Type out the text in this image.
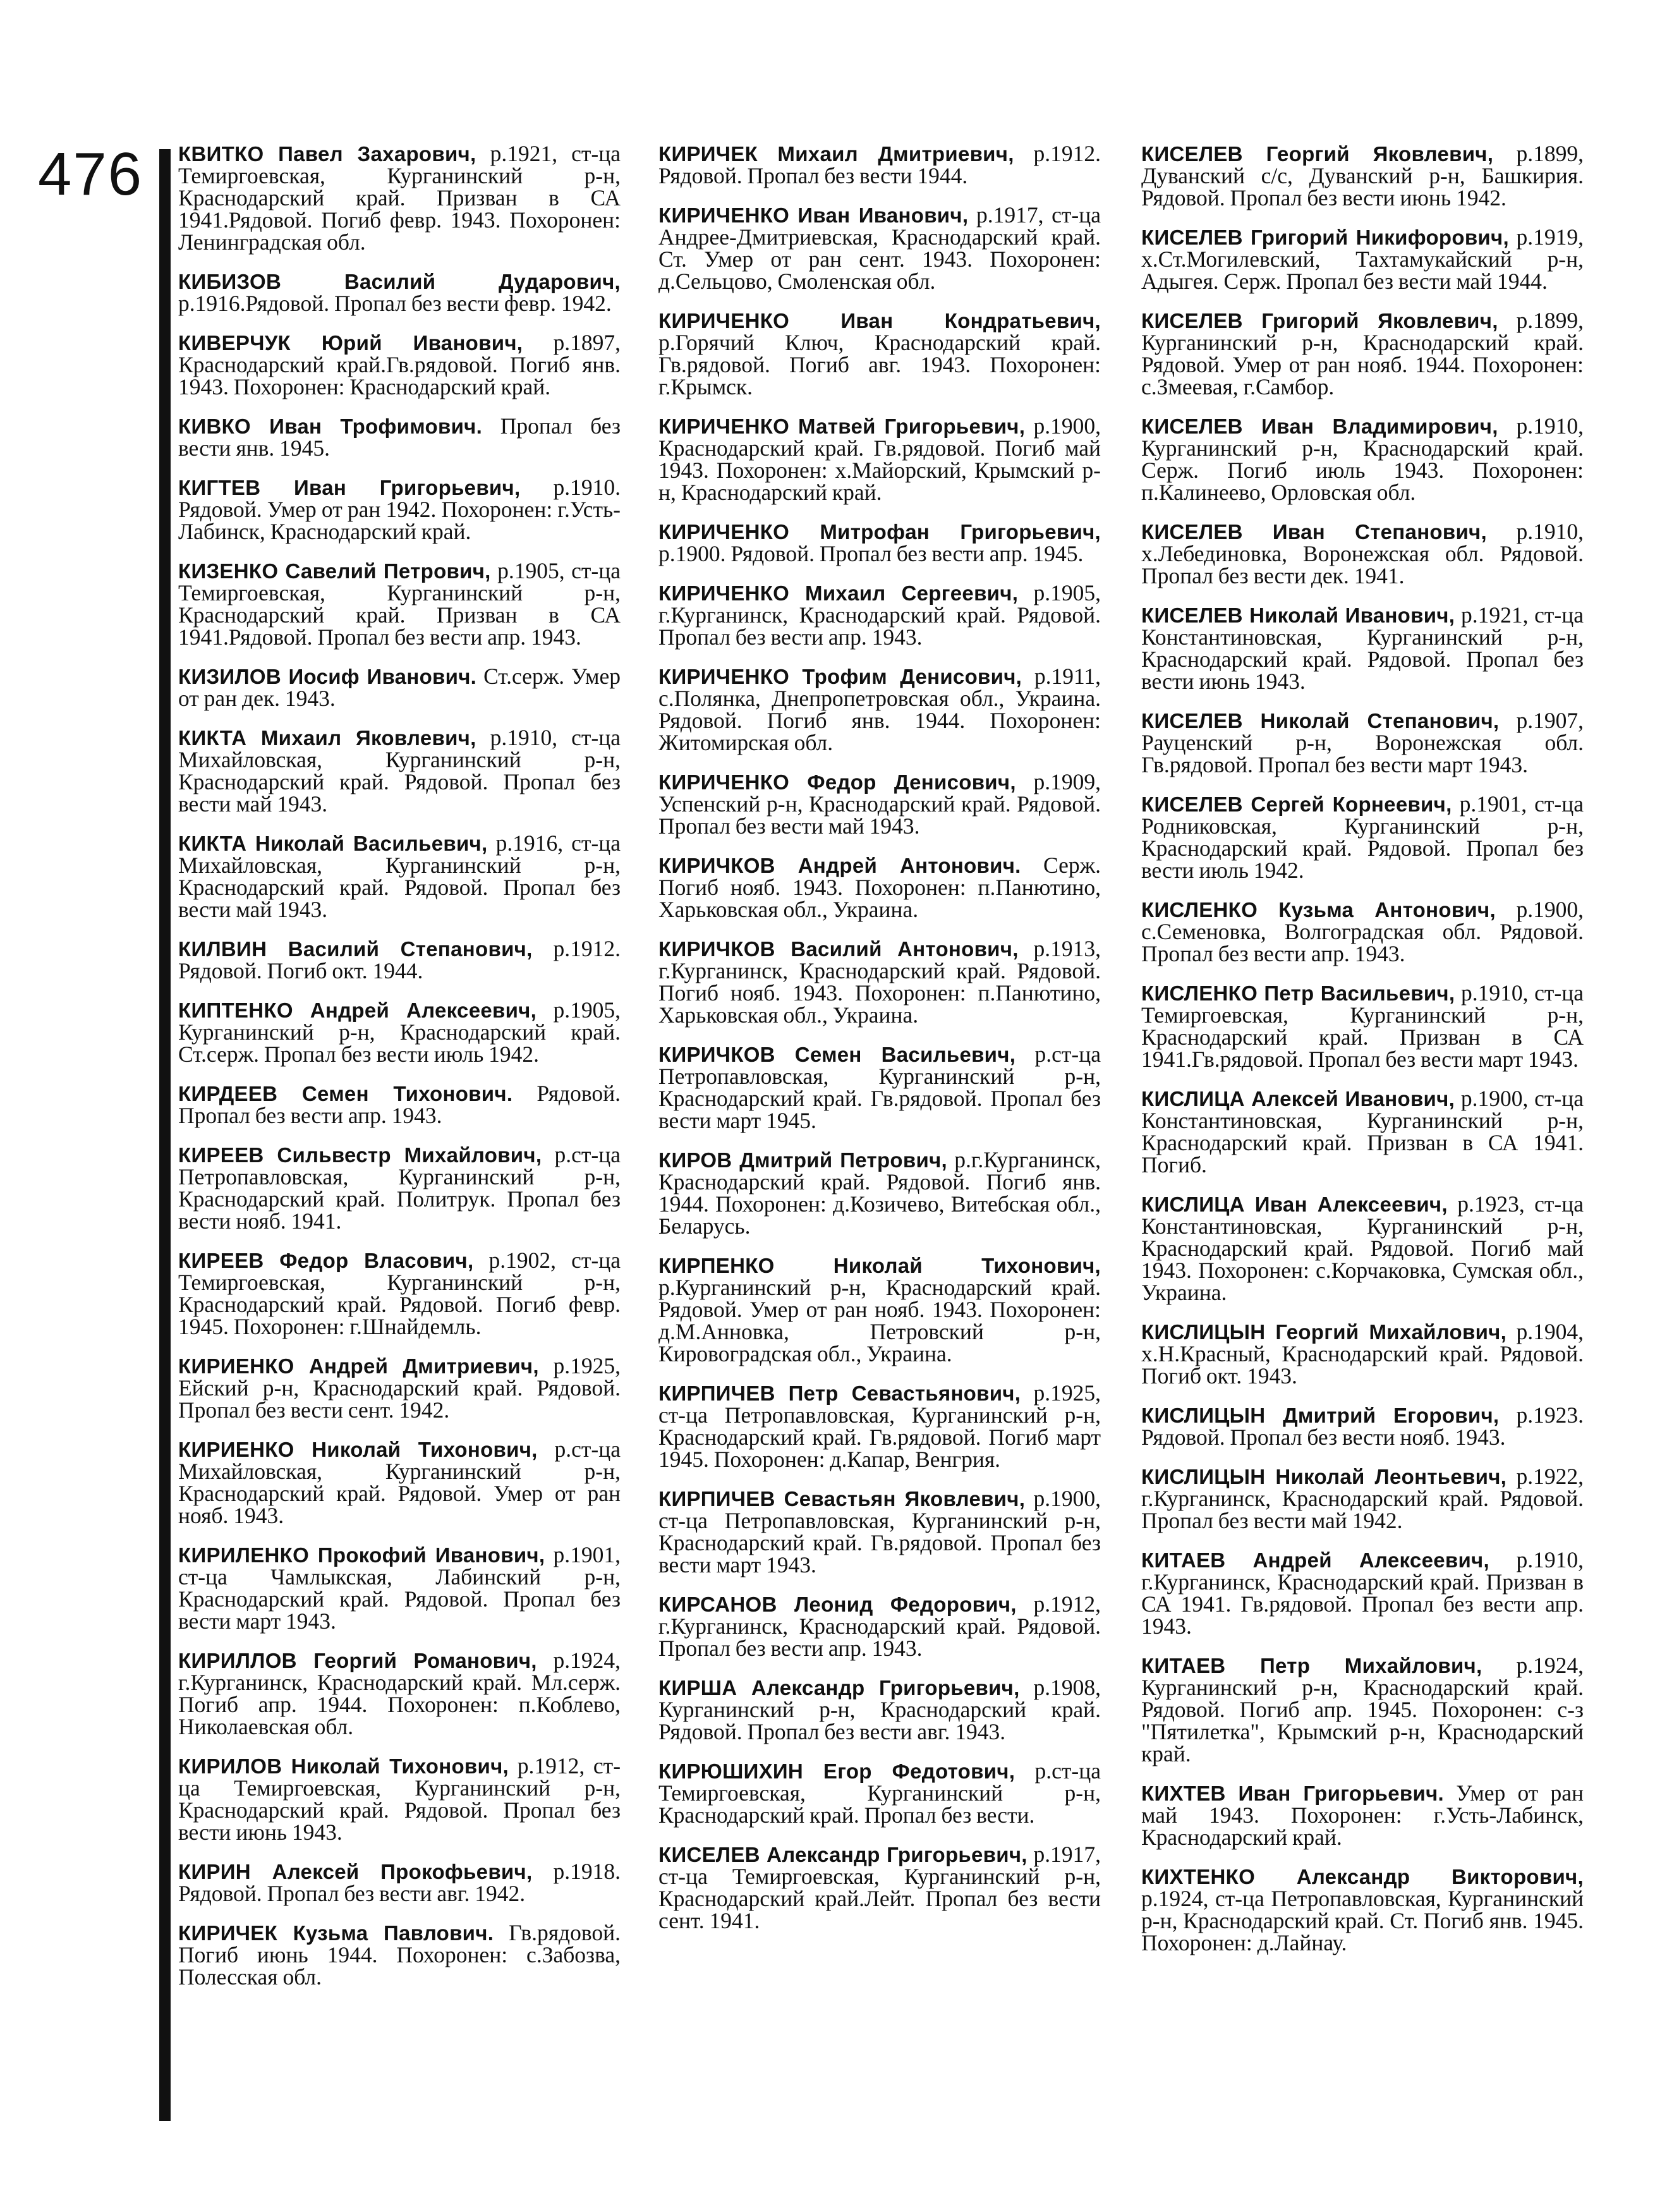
476 КВИТКО Павел Захарович, р.1921, ст-ца Темиргоевская, Курганинский р-н, Краснодарский край. Призван в СА 1941.Рядовой. Погиб февр. 1943. Похоронен: Ленинградская обл.

КИБИЗОВ Василий Дударович, р.1916.Рядовой. Пропал без вести февр. 1942.

КИВЕРЧУК Юрий Иванович, р.1897, Краснодарский край.Гв.рядовой. Погиб янв. 1943. Похоронен: Краснодарский край.

КИВКО Иван Трофимович. Пропал без вести янв. 1945.

КИГТЕВ Иван Григорьевич, р.1910. Рядовой. Умер от ран 1942. Похоронен: г.Усть-Лабинск, Краснодарский край.

КИЗЕНКО Савелий Петрович, р.1905, ст-ца Темиргоевская, Курганинский р-н, Краснодарский край. Призван в СА 1941.Рядовой. Пропал без вести апр. 1943.

КИЗИЛОВ Иосиф Иванович. Ст.серж. Умер от ран дек. 1943.

КИКТА Михаил Яковлевич, р.1910, ст-ца Михайловская, Курганинский р-н, Краснодарский край. Рядовой. Пропал без вести май 1943.

КИКТА Николай Васильевич, р.1916, ст-ца Михайловская, Курганинский р-н, Краснодарский край. Рядовой. Пропал без вести май 1943.

КИЛВИН Василий Степанович, р.1912. Рядовой. Погиб окт. 1944.

КИПТЕНКО Андрей Алексеевич, р.1905, Курганинский р-н, Краснодарский край. Ст.серж. Пропал без вести июль 1942.

КИРДЕЕВ Семен Тихонович. Рядовой. Пропал без вести апр. 1943.

КИРЕЕВ Сильвестр Михайлович, р.ст-ца Петропавловская, Курганинский р-н, Краснодарский край. Политрук. Пропал без вести нояб. 1941.

КИРЕЕВ Федор Власович, р.1902, ст-ца Темиргоевская, Курганинский р-н, Краснодарский край. Рядовой. Погиб февр. 1945. Похоронен: г.Шнайдемль.

КИРИЕНКО Андрей Дмитриевич, р.1925, Ейский р-н, Краснодарский край. Рядовой. Пропал без вести сент. 1942.

КИРИЕНКО Николай Тихонович, р.ст-ца Михайловская, Курганинский р-н, Краснодарский край. Рядовой. Умер от ран нояб. 1943.

КИРИЛЕНКО Прокофий Иванович, р.1901, ст-ца Чамлыкская, Лабинский р-н, Краснодарский край. Рядовой. Пропал без вести март 1943.

КИРИЛЛОВ Георгий Романович, р.1924, г.Курганинск, Краснодарский край. Мл.серж. Погиб апр. 1944. Похоронен: п.Коблево, Николаевская обл.

КИРИЛОВ Николай Тихонович, р.1912, ст-ца Темиргоевская, Курганинский р-н, Краснодарский край. Рядовой. Пропал без вести июнь 1943.

КИРИН Алексей Прокофьевич, р.1918. Рядовой. Пропал без вести авг. 1942.

КИРИЧЕК Кузьма Павлович. Гв.рядовой. Погиб июнь 1944. Похоронен: с.Забозва, Полесская обл.

КИРИЧЕК Михаил Дмитриевич, р.1912. Рядовой. Пропал без вести 1944.

КИРИЧЕНКО Иван Иванович, р.1917, ст-ца Андрее-Дмитриевская, Краснодарский край. Ст. Умер от ран сент. 1943. Похоронен: д.Сельцово, Смоленская обл.

КИРИЧЕНКО Иван Кондратьевич, р.Горячий Ключ, Краснодарский край. Гв.рядовой. Погиб авг. 1943. Похоронен: г.Крымск.

КИРИЧЕНКО Матвей Григорьевич, р.1900, Краснодарский край. Гв.рядовой. Погиб май 1943. Похоронен: х.Майорский, Крымский р-н, Краснодарский край.

КИРИЧЕНКО Митрофан Григорьевич, р.1900. Рядовой. Пропал без вести апр. 1945.

КИРИЧЕНКО Михаил Сергеевич, р.1905, г.Курганинск, Краснодарский край. Рядовой. Пропал без вести апр. 1943.

КИРИЧЕНКО Трофим Денисович, р.1911, с.Полянка, Днепропетровская обл., Украина. Рядовой. Погиб янв. 1944. Похоронен: Житомирская обл.

КИРИЧЕНКО Федор Денисович, р.1909, Успенский р-н, Краснодарский край. Рядовой. Пропал без вести май 1943.

КИРИЧКОВ Андрей Антонович. Серж. Погиб нояб. 1943. Похоронен: п.Панютино, Харьковская обл., Украина.

КИРИЧКОВ Василий Антонович, р.1913, г.Курганинск, Краснодарский край. Рядовой. Погиб нояб. 1943. Похоронен: п.Панютино, Харьковская обл., Украина.

КИРИЧКОВ Семен Васильевич, р.ст-ца Петропавловская, Курганинский р-н, Краснодарский край. Гв.рядовой. Пропал без вести март 1945.

КИРОВ Дмитрий Петрович, р.г.Курганинск, Краснодарский край. Рядовой. Погиб янв. 1944. Похоронен: д.Козичево, Витебская обл., Беларусь.

КИРПЕНКО Николай Тихонович, р.Курганинский р-н, Краснодарский край. Рядовой. Умер от ран нояб. 1943. Похоронен: д.М.Анновка, Петровский р-н, Кировоградская обл., Украина.

КИРПИЧЕВ Петр Севастьянович, р.1925, ст-ца Петропавловская, Курганинский р-н, Краснодарский край. Гв.рядовой. Погиб март 1945. Похоронен: д.Капар, Венгрия.

КИРПИЧЕВ Севастьян Яковлевич, р.1900, ст-ца Петропавловская, Курганинский р-н, Краснодарский край. Гв.рядовой. Пропал без вести март 1943.

КИРСАНОВ Леонид Федорович, р.1912, г.Курганинск, Краснодарский край. Рядовой. Пропал без вести апр. 1943.

КИРША Александр Григорьевич, р.1908, Курганинский р-н, Краснодарский край. Рядовой. Пропал без вести авг. 1943.

КИРЮШИХИН Егор Федотович, р.ст-ца Темиргоевская, Курганинский р-н, Краснодарский край. Пропал без вести.

КИСЕЛЕВ Александр Григорьевич, р.1917, ст-ца Темиргоевская, Курганинский р-н, Краснодарский край.Лейт. Пропал без вести сент. 1941.

КИСЕЛЕВ Георгий Яковлевич, р.1899, Дуванский с/с, Дуванский р-н, Башкирия. Рядовой. Пропал без вести июнь 1942.

КИСЕЛЕВ Григорий Никифорович, р.1919, х.Ст.Могилевский, Тахтамукайский р-н, Адыгея. Серж. Пропал без вести май 1944.

КИСЕЛЕВ Григорий Яковлевич, р.1899, Курганинский р-н, Краснодарский край. Рядовой. Умер от ран нояб. 1944. Похоронен: с.Змеевая, г.Самбор.

КИСЕЛЕВ Иван Владимирович, р.1910, Курганинский р-н, Краснодарский край. Серж. Погиб июль 1943. Похоронен: п.Калинеево, Орловская обл.

КИСЕЛЕВ Иван Степанович, р.1910, х.Лебединовка, Воронежская обл. Рядовой. Пропал без вести дек. 1941.

КИСЕЛЕВ Николай Иванович, р.1921, ст-ца Константиновская, Курганинский р-н, Краснодарский край. Рядовой. Пропал без вести июнь 1943.

КИСЕЛЕВ Николай Степанович, р.1907, Рауценский р-н, Воронежская обл. Гв.рядовой. Пропал без вести март 1943.

КИСЕЛЕВ Сергей Корнеевич, р.1901, ст-ца Родниковская, Курганинский р-н, Краснодарский край. Рядовой. Пропал без вести июль 1942.

КИСЛЕНКО Кузьма Антонович, р.1900, с.Семеновка, Волгоградская обл. Рядовой. Пропал без вести апр. 1943.

КИСЛЕНКО Петр Васильевич, р.1910, ст-ца Темиргоевская, Курганинский р-н, Краснодарский край. Призван в СА 1941.Гв.рядовой. Пропал без вести март 1943.

КИСЛИЦА Алексей Иванович, р.1900, ст-ца Константиновская, Курганинский р-н, Краснодарский край. Призван в СА 1941. Погиб.

КИСЛИЦА Иван Алексеевич, р.1923, ст-ца Константиновская, Курганинский р-н, Краснодарский край. Рядовой. Погиб май 1943. Похоронен: с.Корчаковка, Сумская обл., Украина.

КИСЛИЦЫН Георгий Михайлович, р.1904, х.Н.Красный, Краснодарский край. Рядовой. Погиб окт. 1943.

КИСЛИЦЫН Дмитрий Егорович, р.1923. Рядовой. Пропал без вести нояб. 1943.

КИСЛИЦЫН Николай Леонтьевич, р.1922, г.Курганинск, Краснодарский край. Рядовой. Пропал без вести май 1942.

КИТАЕВ Андрей Алексеевич, р.1910, г.Курганинск, Краснодарский край. Призван в СА 1941. Гв.рядовой. Пропал без вести апр. 1943.

КИТАЕВ Петр Михайлович, р.1924, Курганинский р-н, Краснодарский край. Рядовой. Погиб апр. 1945. Похоронен: с-з "Пятилетка", Крымский р-н, Краснодарский край.

КИХТЕВ Иван Григорьевич. Умер от ран май 1943. Похоронен: г.Усть-Лабинск, Краснодарский край.

КИХТЕНКО Александр Викторович, р.1924, ст-ца Петропавловская, Курганинский р-н, Краснодарский край. Ст. Погиб янв. 1945. Похоронен: д.Лайнау.
